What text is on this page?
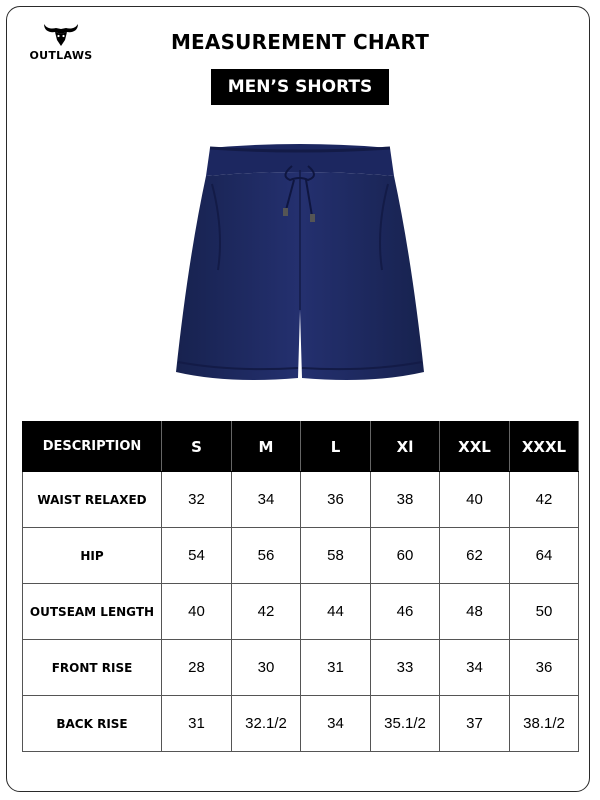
OUTLAWS
MEASUREMENT CHART
MEN’S SHORTS
DESCRIPTION	S	M	L	Xl	XXL	XXXL
WAIST RELAXED	32	34	36	38	40	42
HIP	54	56	58	60	62	64
OUTSEAM LENGTH	40	42	44	46	48	50
FRONT RISE	28	30	31	33	34	36
BACK RISE	31	32.1/2	34	35.1/2	37	38.1/2
